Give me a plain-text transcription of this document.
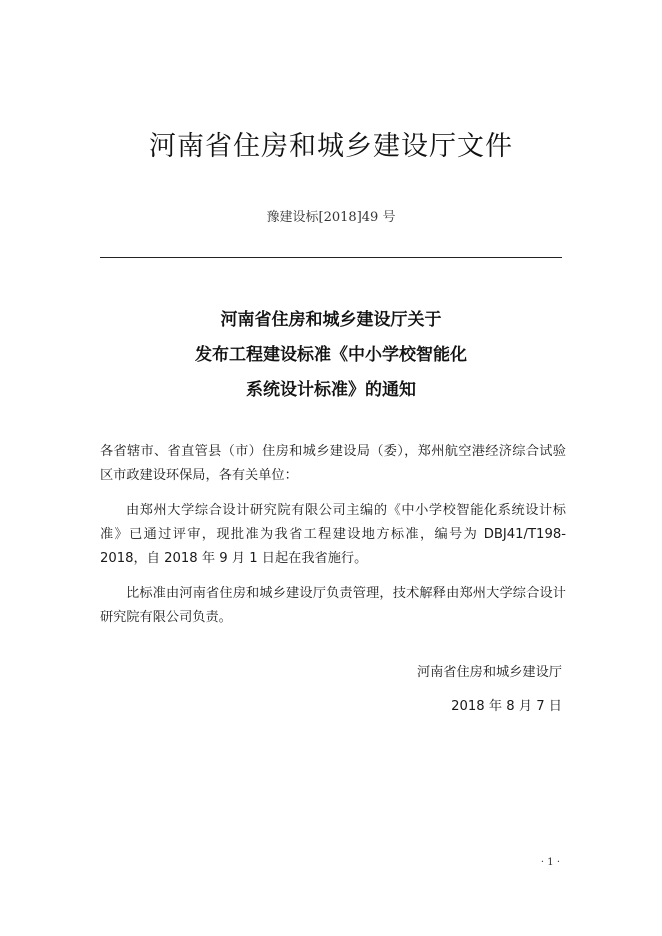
河南省住房和城乡建设厅文件
豫建设标[2018]49 号
河南省住房和城乡建设厅关于
发布工程建设标准《中小学校智能化
系统设计标准》的通知

各省辖市、省直管县（市）住房和城乡建设局（委），郑州航空港经济综合试验区市政建设环保局，各有关单位：

由郑州大学综合设计研究院有限公司主编的《中小学校智能化系统设计标准》已通过评审，现批准为我省工程建设地方标准，编号为 DBJ41/T198-2018，自 2018 年 9 月 1 日起在我省施行。

比标准由河南省住房和城乡建设厅负责管理，技术解释由郑州大学综合设计研究院有限公司负责。

河南省住房和城乡建设厅
2018 年 8 月 7 日
· 1 ·
